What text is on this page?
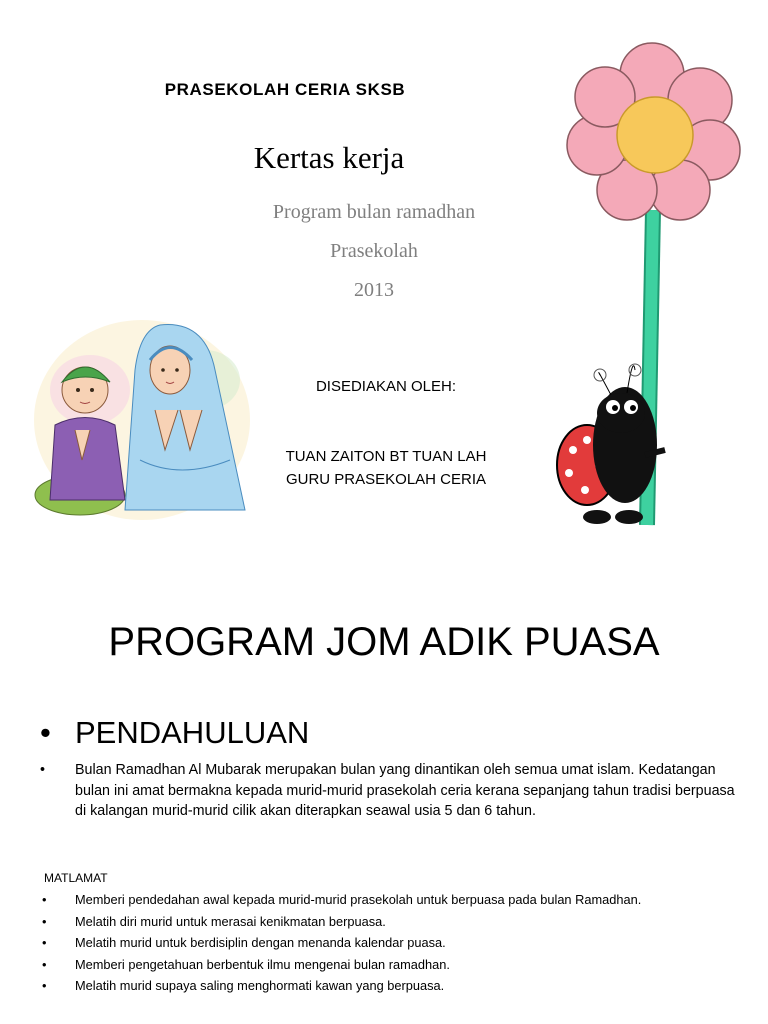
PRASEKOLAH CERIA SKSB
Kertas kerja
Program bulan ramadhan
Prasekolah
2013
DISEDIAKAN OLEH:
TUAN ZAITON BT TUAN LAH
GURU PRASEKOLAH CERIA
PROGRAM JOM ADIK PUASA
• PENDAHULUAN
• Bulan Ramadhan Al Mubarak merupakan bulan yang dinantikan oleh semua umat islam. Kedatangan bulan ini amat bermakna kepada murid-murid prasekolah ceria kerana sepanjang tahun tradisi berpuasa di kalangan murid-murid cilik akan diterapkan seawal usia 5 dan 6 tahun.
MATLAMAT
• Memberi pendedahan awal kepada murid-murid prasekolah untuk berpuasa pada bulan Ramadhan.
• Melatih diri murid untuk merasai kenikmatan berpuasa.
• Melatih murid untuk berdisiplin dengan menanda kalendar puasa.
• Memberi pengetahuan berbentuk ilmu mengenai bulan ramadhan.
• Melatih murid supaya saling menghormati kawan yang berpuasa.
